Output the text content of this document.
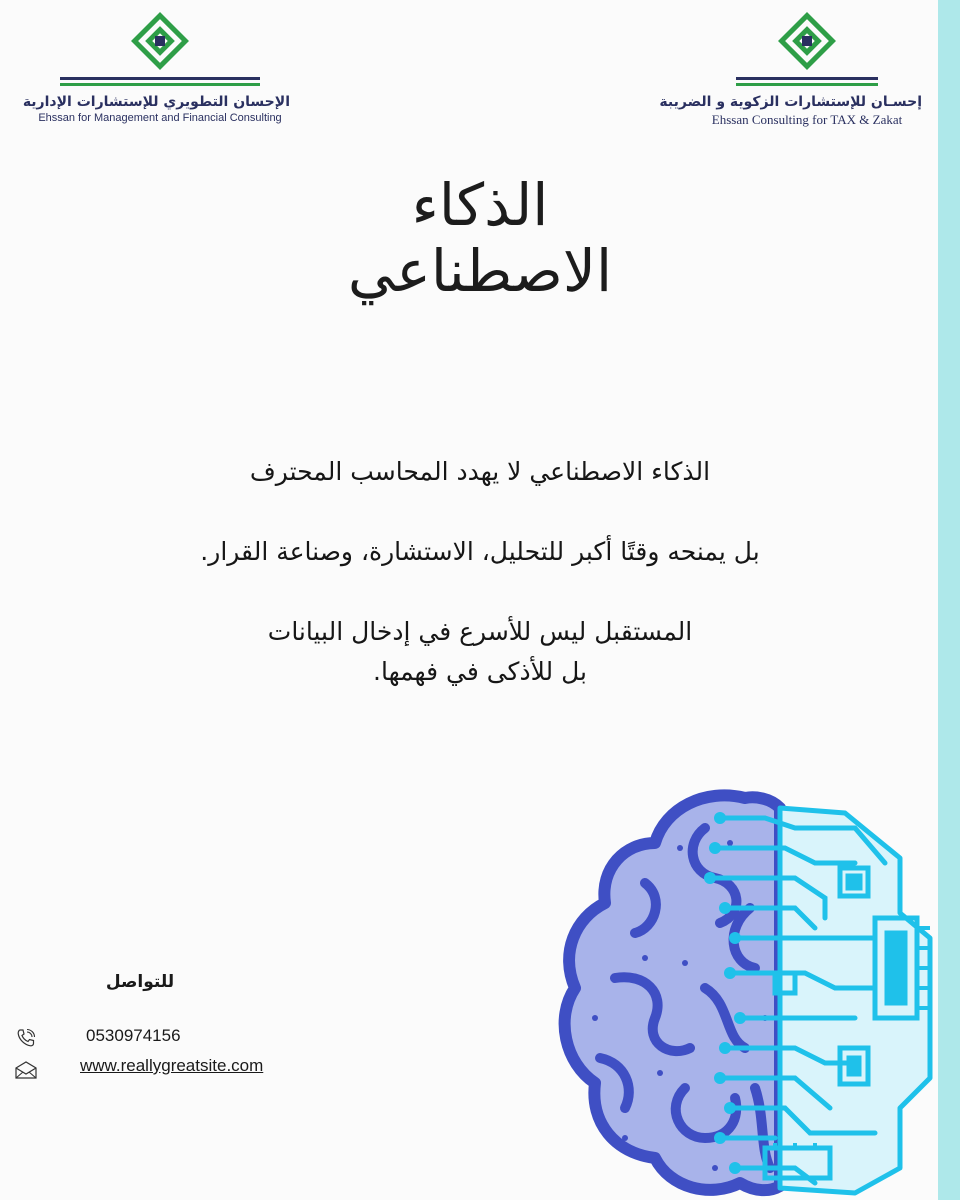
الإحسان التطويري للإستشارات الإدارية
Ehssan for Management and Financial Consulting
إحسـان للإستشارات الزكوية و الضريبة
Ehssan Consulting for TAX & Zakat
الذكاء
الاصطناعي
الذكاء الاصطناعي لا يهدد المحاسب المحترف
بل يمنحه وقتًا أكبر للتحليل، الاستشارة، وصناعة القرار.
المستقبل ليس للأسرع في إدخال البيانات
بل للأذكى في فهمها.
للتواصل
0530974156
www.reallygreatsite.com
